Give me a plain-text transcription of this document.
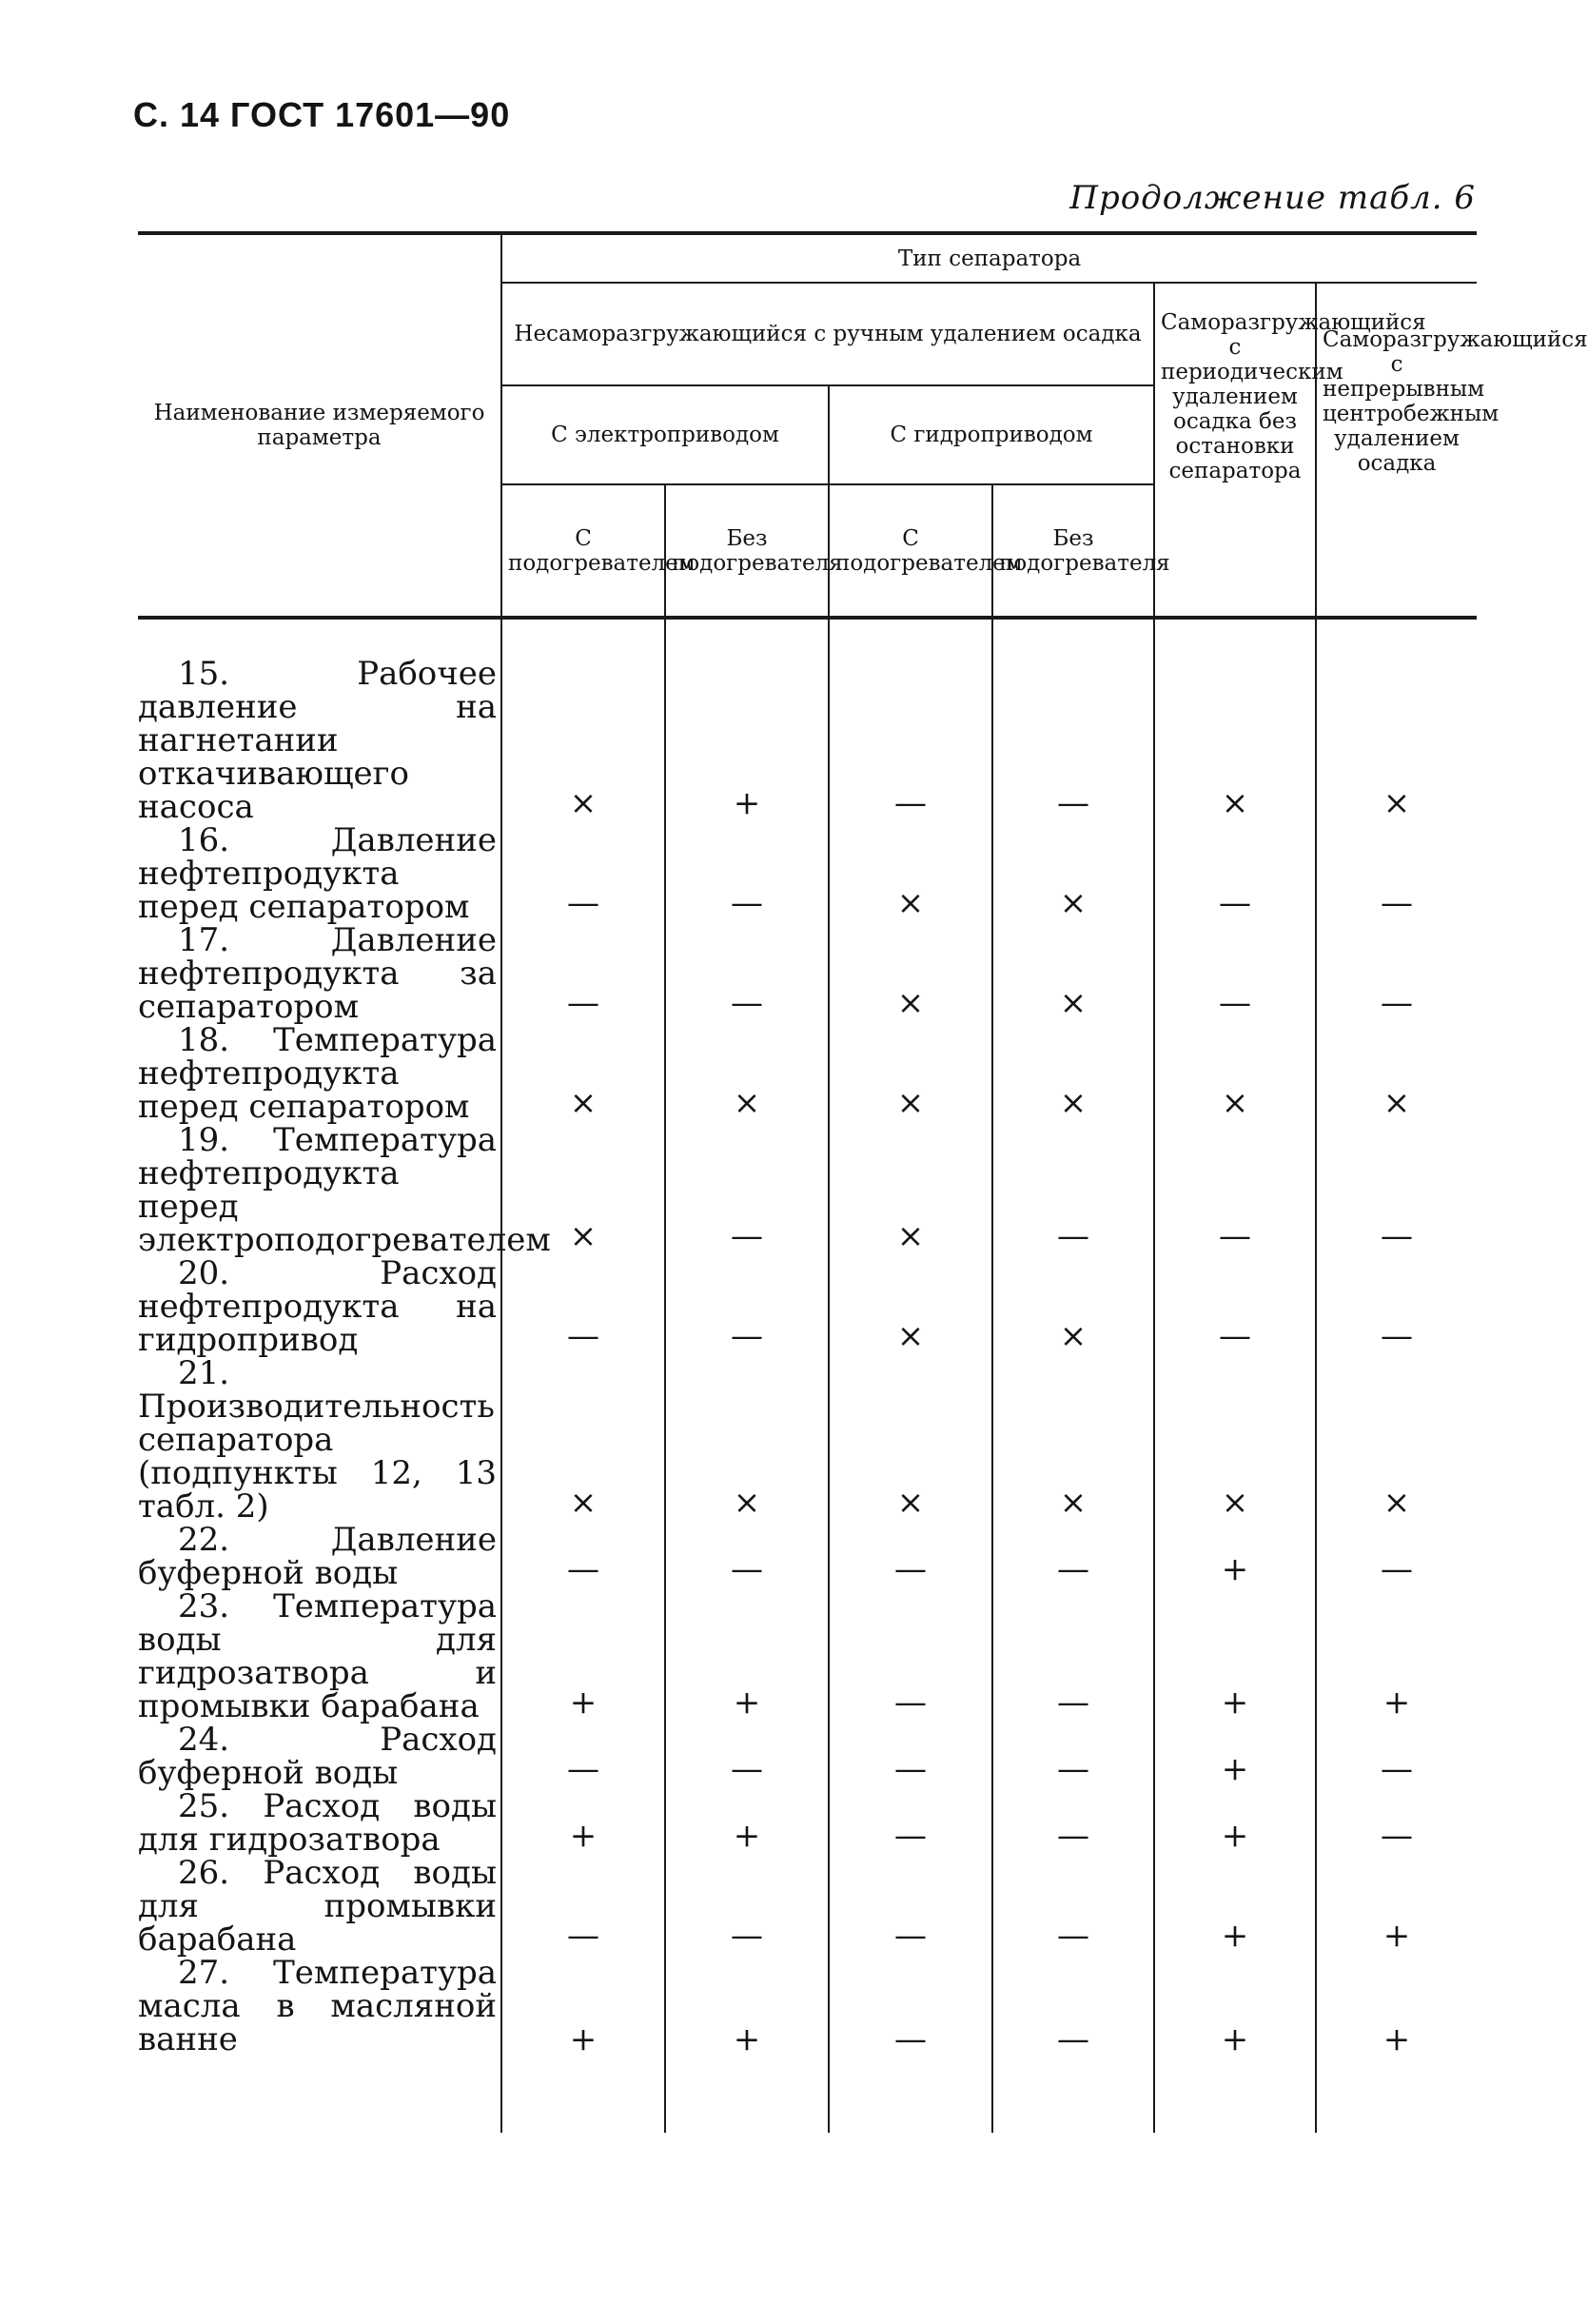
С. 14 ГОСТ 17601—90
Продолжение табл. 6
Наименование измеряемого параметра	Тип сепаратора					
	Несаморазгружающийся с ручным удалением осадка				Саморазгружающийся с периодическим удалением осадка без остановки сепаратора	Саморазгружающийся с непрерывным центробежным удалением осадка
	С электроприводом		С гидроприводом			
	С подогревателем	Без подогревателя	С подогревателем	Без подогревателя		
15. Рабочее давление на нагнетании откачивающего насоса	×	+	—	—	×	×
16. Давление нефтепродукта перед сепаратором	—	—	×	×	—	—
17. Давление нефтепродукта за сепаратором	—	—	×	×	—	—
18. Температура нефтепродукта перед сепаратором	×	×	×	×	×	×
19. Температура нефтепродукта перед электроподогревателем	×	—	×	—	—	—
20. Расход нефтепродукта на гидропривод	—	—	×	×	—	—
21. Производительность сепаратора (подпункты 12, 13 табл. 2)	×	×	×	×	×	×
22. Давление буферной воды	—	—	—	—	+	—
23. Температура воды для гидрозатвора и промывки барабана	+	+	—	—	+	+
24. Расход буферной воды	—	—	—	—	+	—
25. Расход воды для гидрозатвора	+	+	—	—	+	—
26. Расход воды для промывки барабана	—	—	—	—	+	+
27. Температура масла в масляной ванне	+	+	—	—	+	+
